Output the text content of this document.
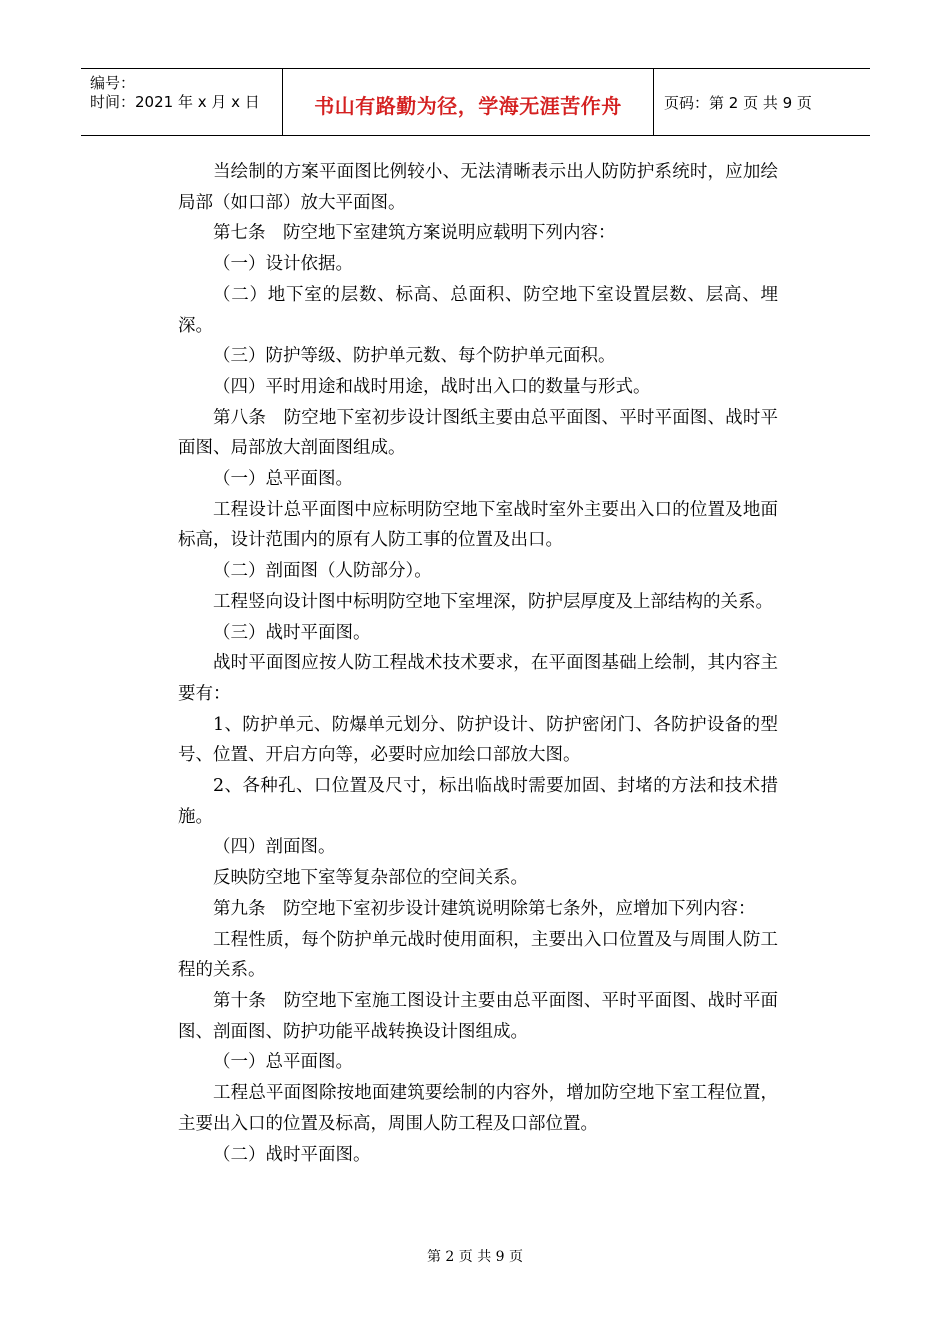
编号：
时间：2021 年 x 月 x 日	书山有路勤为径，学海无涯苦作舟	页码：第 2 页 共 9 页

当绘制的方案平面图比例较小、无法清晰表示出人防防护系统时，应加绘局部（如口部）放大平面图。

第七条　防空地下室建筑方案说明应载明下列内容：

（一）设计依据。

（二）地下室的层数、标高、总面积、防空地下室设置层数、层高、埋深。

（三）防护等级、防护单元数、每个防护单元面积。

（四）平时用途和战时用途，战时出入口的数量与形式。

第八条　防空地下室初步设计图纸主要由总平面图、平时平面图、战时平面图、局部放大剖面图组成。

（一）总平面图。

工程设计总平面图中应标明防空地下室战时室外主要出入口的位置及地面标高，设计范围内的原有人防工事的位置及出口。

（二）剖面图（人防部分）。

工程竖向设计图中标明防空地下室埋深，防护层厚度及上部结构的关系。

（三）战时平面图。

战时平面图应按人防工程战术技术要求，在平面图基础上绘制，其内容主要有：

1、防护单元、防爆单元划分、防护设计、防护密闭门、各防护设备的型号、位置、开启方向等，必要时应加绘口部放大图。

2、各种孔、口位置及尺寸，标出临战时需要加固、封堵的方法和技术措施。

（四）剖面图。

反映防空地下室等复杂部位的空间关系。

第九条　防空地下室初步设计建筑说明除第七条外，应增加下列内容：

工程性质，每个防护单元战时使用面积，主要出入口位置及与周围人防工程的关系。

第十条　防空地下室施工图设计主要由总平面图、平时平面图、战时平面图、剖面图、防护功能平战转换设计图组成。

（一）总平面图。

工程总平面图除按地面建筑要绘制的内容外，增加防空地下室工程位置，主要出入口的位置及标高，周围人防工程及口部位置。

（二）战时平面图。

第 2 页 共 9 页
